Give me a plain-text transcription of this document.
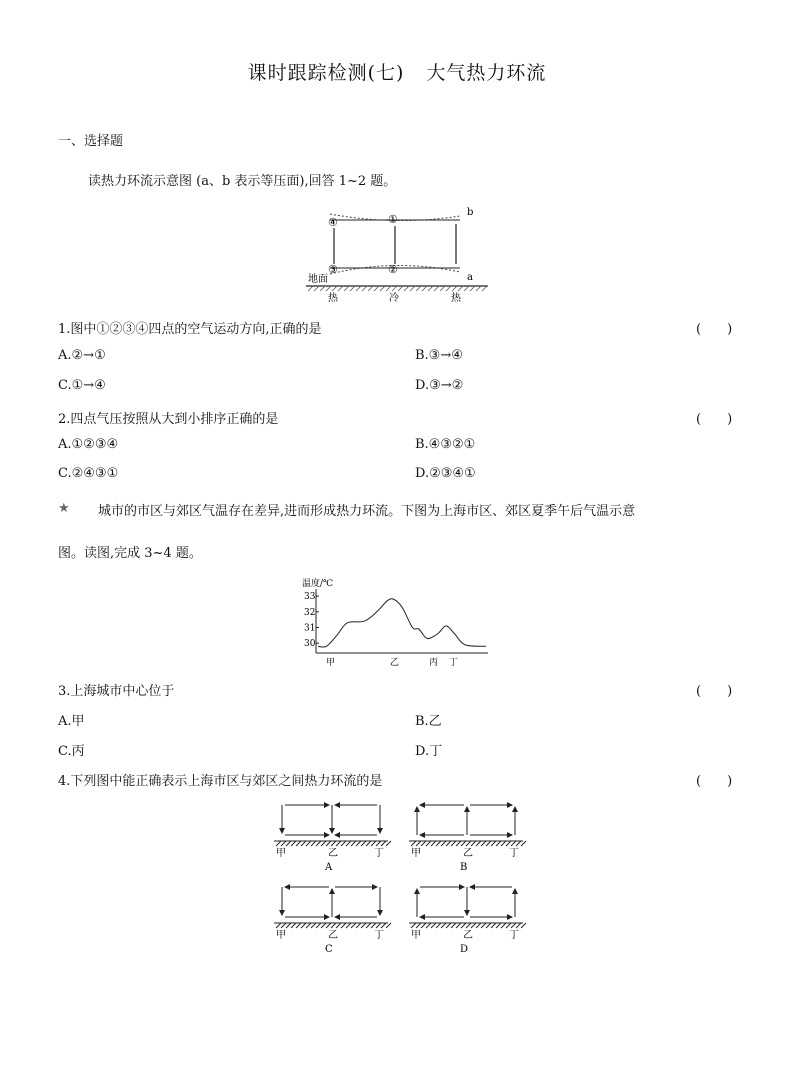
课时跟踪检测(七) 大气热力环流
一、选择题
读热力环流示意图 (a、b 表示等压面),回答 1~2 题。
④	①
③	②
b
a
地面
热	冷	热
1.图中①②③④四点的空气运动方向,正确的是	(　　)
A.②→①	B.③→④
C.①→④	D.③→②
2.四点气压按照从大到小排序正确的是	(　　)
A.①②③④	B.④③②①
C.②④③①	D.②③④①
★ 城市的市区与郊区气温存在差异,进而形成热力环流。下图为上海市区、郊区夏季午后气温示意
图。读图,完成 3~4 题。
温度/℃
33
32
31
30
甲	乙	丙 丁
3.上海城市中心位于	(　　)
A.甲	B.乙
C.丙	D.丁
4.下列图中能正确表示上海市区与郊区之间热力环流的是	(　　)
甲	乙	丁
A
甲	乙	丁
B
甲	乙	丁
C
甲	乙	丁
D
